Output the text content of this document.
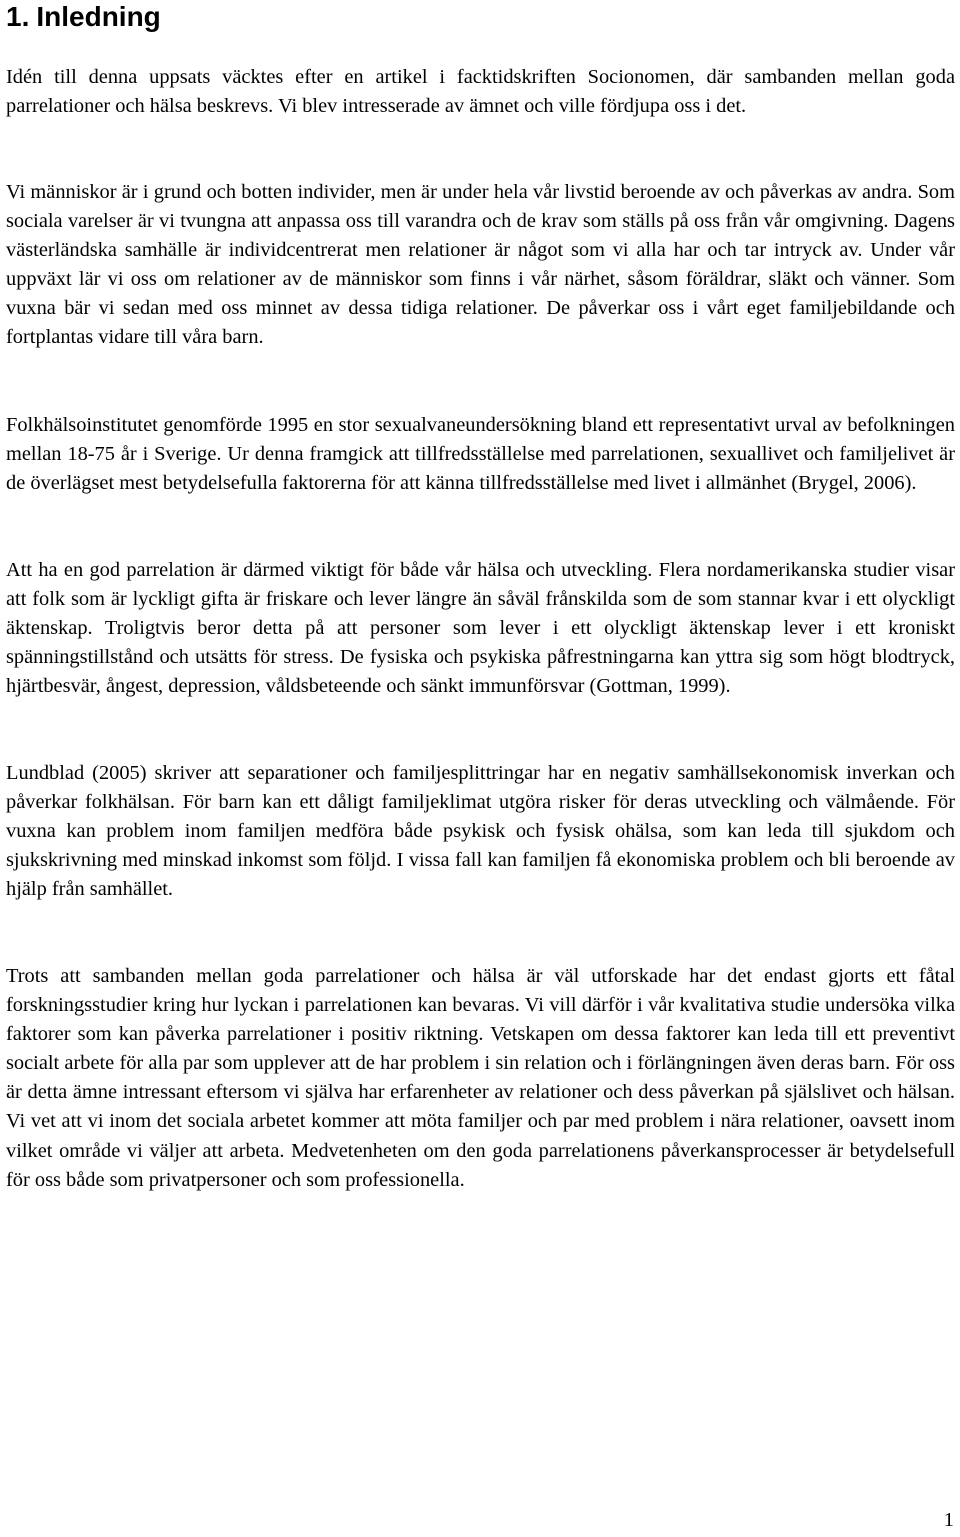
1. Inledning

Idén till denna uppsats väcktes efter en artikel i facktidskriften Socionomen, där sambanden mellan goda parrelationer och hälsa beskrevs. Vi blev intresserade av ämnet och ville fördjupa oss i det.

Vi människor är i grund och botten individer, men är under hela vår livstid beroende av och påverkas av andra. Som sociala varelser är vi tvungna att anpassa oss till varandra och de krav som ställs på oss från vår omgivning. Dagens västerländska samhälle är individcentrerat men relationer är något som vi alla har och tar intryck av. Under vår uppväxt lär vi oss om relationer av de människor som finns i vår närhet, såsom föräldrar, släkt och vänner. Som vuxna bär vi sedan med oss minnet av dessa tidiga relationer. De påverkar oss i vårt eget familjebildande och fortplantas vidare till våra barn.

Folkhälsoinstitutet genomförde 1995 en stor sexualvaneundersökning bland ett representativt urval av befolkningen mellan 18-75 år i Sverige. Ur denna framgick att tillfredsställelse med parrelationen, sexuallivet och familjelivet är de överlägset mest betydelsefulla faktorerna för att känna tillfredsställelse med livet i allmänhet (Brygel, 2006).

Att ha en god parrelation är därmed viktigt för både vår hälsa och utveckling. Flera nordamerikanska studier visar att folk som är lyckligt gifta är friskare och lever längre än såväl frånskilda som de som stannar kvar i ett olyckligt äktenskap. Troligtvis beror detta på att personer som lever i ett olyckligt äktenskap lever i ett kroniskt spänningstillstånd och utsätts för stress. De fysiska och psykiska påfrestningarna kan yttra sig som högt blodtryck, hjärtbesvär, ångest, depression, våldsbeteende och sänkt immunförsvar (Gottman, 1999).

Lundblad (2005) skriver att separationer och familjesplittringar har en negativ samhällsekonomisk inverkan och påverkar folkhälsan. För barn kan ett dåligt familjeklimat utgöra risker för deras utveckling och välmående. För vuxna kan problem inom familjen medföra både psykisk och fysisk ohälsa, som kan leda till sjukdom och sjukskrivning med minskad inkomst som följd. I vissa fall kan familjen få ekonomiska problem och bli beroende av hjälp från samhället.

Trots att sambanden mellan goda parrelationer och hälsa är väl utforskade har det endast gjorts ett fåtal forskningsstudier kring hur lyckan i parrelationen kan bevaras. Vi vill därför i vår kvalitativa studie undersöka vilka faktorer som kan påverka parrelationer i positiv riktning. Vetskapen om dessa faktorer kan leda till ett preventivt socialt arbete för alla par som upplever att de har problem i sin relation och i förlängningen även deras barn. För oss är detta ämne intressant eftersom vi själva har erfarenheter av relationer och dess påverkan på själslivet och hälsan. Vi vet att vi inom det sociala arbetet kommer att möta familjer och par med problem i nära relationer, oavsett inom vilket område vi väljer att arbeta. Medvetenheten om den goda parrelationens påverkansprocesser är betydelsefull för oss både som privatpersoner och som professionella.

1
